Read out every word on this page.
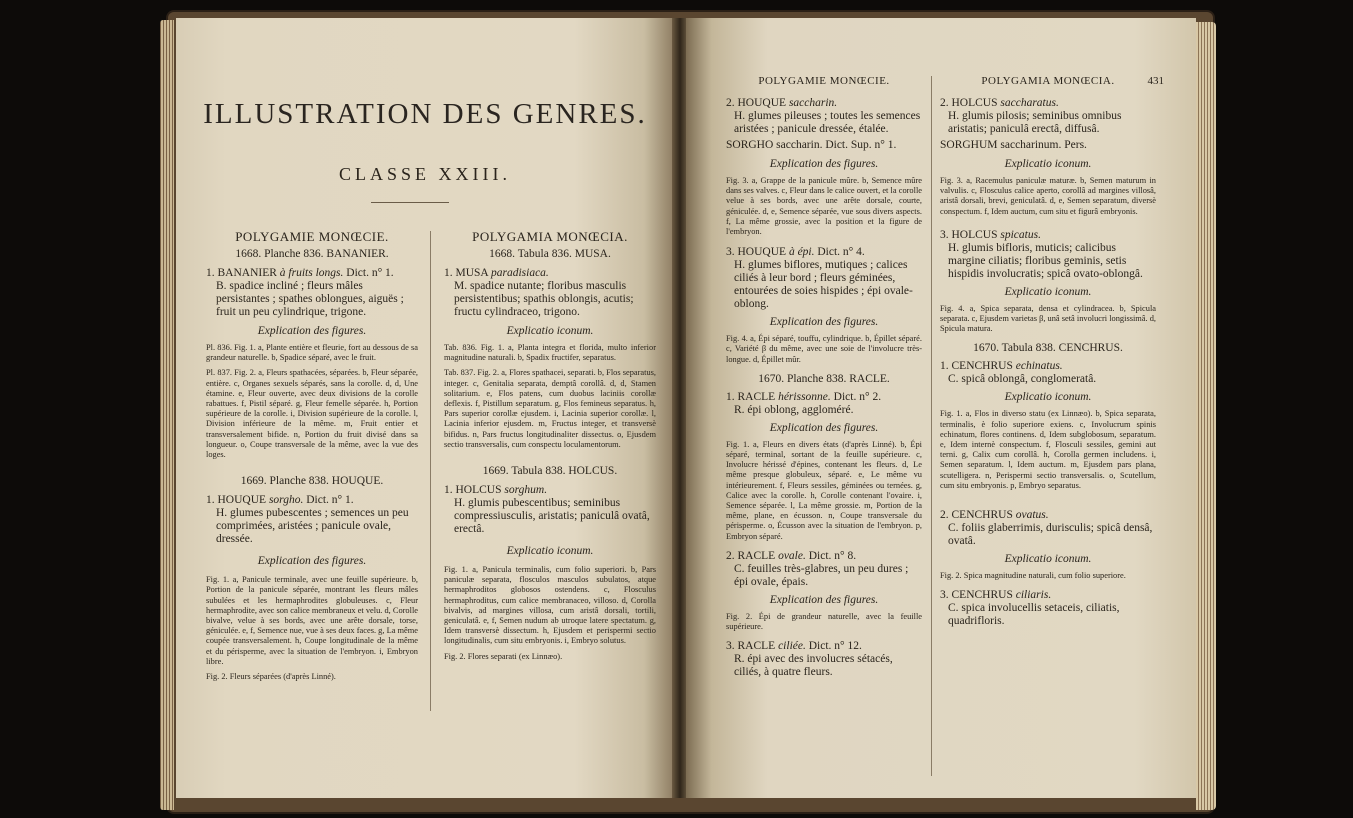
ILLUSTRATION DES GENRES.
CLASSE XXIII.

POLYGAMIE MONŒCIE.

1668. Planche 836. BANANIER.

1. BANANIER à fruits longs. Dict. n° 1.

B. spadice incliné ; fleurs mâles persistantes ; spathes oblongues, aiguës ; fruit un peu cylindrique, trigone.

Explication des figures.

Pl. 836. Fig. 1. a, Plante entière et fleurie, fort au dessous de sa grandeur naturelle. b, Spadice séparé, avec le fruit.

Pl. 837. Fig. 2. a, Fleurs spathacées, séparées. b, Fleur séparée, entière. c, Organes sexuels séparés, sans la corolle. d, d, Une étamine. e, Fleur ouverte, avec deux divisions de la corolle rabattues. f, Pistil séparé. g, Fleur femelle séparée. h, Portion supérieure de la corolle. i, Division supérieure de la corolle. l, Division inférieure de la même. m, Fruit entier et transversalement bifide. n, Portion du fruit divisé dans sa longueur. o, Coupe transversale de la même, avec la vue des loges.

1669. Planche 838. HOUQUE.

1. HOUQUE sorgho. Dict. n° 1.

H. glumes pubescentes ; semences un peu comprimées, aristées ; panicule ovale, dressée.

Explication des figures.

Fig. 1. a, Panicule terminale, avec une feuille supérieure. b, Portion de la panicule séparée, montrant les fleurs mâles subulées et les hermaphrodites globuleuses. c, Fleur hermaphrodite, avec son calice membraneux et velu. d, Corolle bivalve, velue à ses bords, avec une arête dorsale, torse, géniculée. e, f, Semence nue, vue à ses deux faces. g, La même coupée transversalement. h, Coupe longitudinale de la même et du périsperme, avec la situation de l'embryon. i, Embryon libre.

Fig. 2. Fleurs séparées (d'après Linné).

POLYGAMIA MONŒCIA.

1668. Tabula 836. MUSA.

1. MUSA paradisiaca.

M. spadice nutante; floribus masculis persistentibus; spathis oblongis, acutis; fructu cylindraceo, trigono.

Explicatio iconum.

Tab. 836. Fig. 1. a, Planta integra et florida, multo inferior magnitudine naturali. b, Spadix fructifer, separatus.

Tab. 837. Fig. 2. a, Flores spathacei, separati. b, Flos separatus, integer. c, Genitalia separata, demptâ corollâ. d, d, Stamen solitarium. e, Flos patens, cum duobus laciniis corollæ deflexis. f, Pistillum separatum. g, Flos femineus separatus. h, Pars superior corollæ ejusdem. i, Lacinia superior corollæ. l, Lacinia inferior ejusdem. m, Fructus integer, et transversè bifidus. n, Pars fructus longitudinaliter dissectus. o, Ejusdem sectio transversalis, cum conspectu loculamentorum.

1669. Tabula 838. HOLCUS.

1. HOLCUS sorghum.

H. glumis pubescentibus; seminibus compressiusculis, aristatis; paniculâ ovatâ, erectâ.

Explicatio iconum.

Fig. 1. a, Panicula terminalis, cum folio superiori. b, Pars paniculæ separata, flosculos masculos subulatos, atque hermaphroditos globosos ostendens. c, Flosculus hermaphroditus, cum calice membranaceo, villoso. d, Corolla bivalvis, ad margines villosa, cum aristâ dorsali, tortili, geniculatâ. e, f, Semen nudum ab utroque latere spectatum. g, Idem transversè dissectum. h, Ejusdem et perispermi sectio longitudinalis, cum situ embryonis. i, Embryo solutus.

Fig. 2. Flores separati (ex Linnæo).

POLYGAMIE MONŒCIE.

2. HOUQUE saccharin.

H. glumes pileuses ; toutes les semences aristées ; panicule dressée, étalée.

SORGHO saccharin. Dict. Sup. n° 1.

Explication des figures.

Fig. 3. a, Grappe de la panicule mûre. b, Semence mûre dans ses valves. c, Fleur dans le calice ouvert, et la corolle velue à ses bords, avec une arête dorsale, courte, géniculée. d, e, Semence séparée, vue sous divers aspects. f, La même grossie, avec la position et la figure de l'embryon.

3. HOUQUE à épi. Dict. n° 4.

H. glumes biflores, mutiques ; calices ciliés à leur bord ; fleurs géminées, entourées de soies hispides ; épi ovale-oblong.

Explication des figures.

Fig. 4. a, Épi séparé, touffu, cylindrique. b, Épillet séparé. c, Variété β du même, avec une soie de l'involucre très-longue. d, Épillet mûr.

1670. Planche 838. RACLE.

1. RACLE hérissonne. Dict. n° 2.

R. épi oblong, aggloméré.

Explication des figures.

Fig. 1. a, Fleurs en divers états (d'après Linné). b, Épi séparé, terminal, sortant de la feuille supérieure. c, Involucre hérissé d'épines, contenant les fleurs. d, Le même presque globuleux, séparé. e, Le même vu intérieurement. f, Fleurs sessiles, géminées ou ternées. g, Calice avec la corolle. h, Corolle contenant l'ovaire. i, Semence séparée. l, La même grossie. m, Portion de la même, plane, en écusson. n, Coupe transversale du périsperme. o, Écusson avec la situation de l'embryon. p, Embryon séparé.

2. RACLE ovale. Dict. n° 8.

C. feuilles très-glabres, un peu dures ; épi ovale, épais.

Explication des figures.

Fig. 2. Épi de grandeur naturelle, avec la feuille supérieure.

3. RACLE ciliée. Dict. n° 12.

R. épi avec des involucres sétacés, ciliés, à quatre fleurs.

POLYGAMIA MONŒCIA.	431

2. HOLCUS saccharatus.

H. glumis pilosis; seminibus omnibus aristatis; paniculâ erectâ, diffusâ.

SORGHUM saccharinum. Pers.

Explicatio iconum.

Fig. 3. a, Racemulus paniculæ maturæ. b, Semen maturum in valvulis. c, Flosculus calice aperto, corollâ ad margines villosâ, aristâ dorsali, brevi, geniculatâ. d, e, Semen separatum, diversè conspectum. f, Idem auctum, cum situ et figurâ embryonis.

3. HOLCUS spicatus.

H. glumis bifloris, muticis; calicibus margine ciliatis; floribus geminis, setis hispidis involucratis; spicâ ovato-oblongâ.

Explicatio iconum.

Fig. 4. a, Spica separata, densa et cylindracea. b, Spicula separata. c, Ejusdem varietas β, unâ setâ involucri longissimâ. d, Spicula matura.

1670. Tabula 838. CENCHRUS.

1. CENCHRUS echinatus.

C. spicâ oblongâ, conglomeratâ.

Explicatio iconum.

Fig. 1. a, Flos in diverso statu (ex Linnæo). b, Spica separata, terminalis, è folio superiore exiens. c, Involucrum spinis echinatum, flores continens. d, Idem subglobosum, separatum. e, Idem internè conspectum. f, Flosculi sessiles, gemini aut terni. g, Calix cum corollâ. h, Corolla germen includens. i, Semen separatum. l, Idem auctum. m, Ejusdem pars plana, scutelligera. n, Perispermi sectio transversalis. o, Scutellum, cum situ embryonis. p, Embryo separatus.

2. CENCHRUS ovatus.

C. foliis glaberrimis, durisculis; spicâ densâ, ovatâ.

Explicatio iconum.

Fig. 2. Spica magnitudine naturali, cum folio superiore.

3. CENCHRUS ciliaris.

C. spica involucellis setaceis, ciliatis, quadrifloris.
